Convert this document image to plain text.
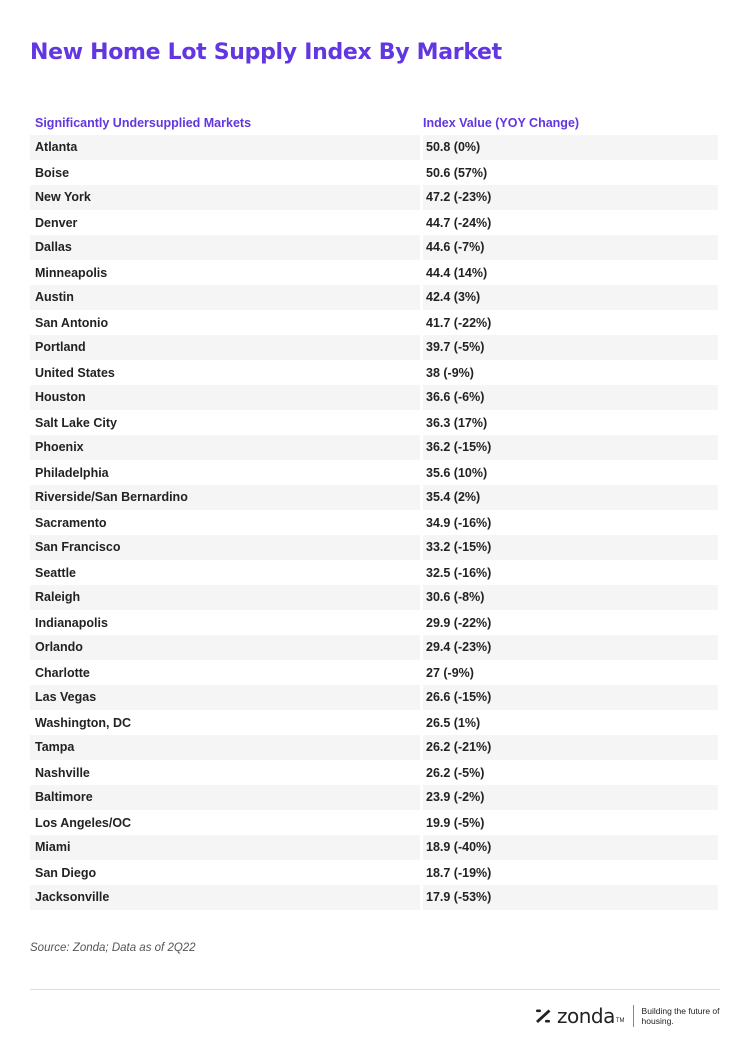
New Home Lot Supply Index By Market
Significantly Undersupplied Markets	Index Value (YOY Change)
Atlanta	50.8 (0%)
Boise	50.6 (57%)
New York	47.2 (-23%)
Denver	44.7 (-24%)
Dallas	44.6 (-7%)
Minneapolis	44.4 (14%)
Austin	42.4 (3%)
San Antonio	41.7 (-22%)
Portland	39.7 (-5%)
United States	38 (-9%)
Houston	36.6 (-6%)
Salt Lake City	36.3 (17%)
Phoenix	36.2 (-15%)
Philadelphia	35.6 (10%)
Riverside/San Bernardino	35.4 (2%)
Sacramento	34.9 (-16%)
San Francisco	33.2 (-15%)
Seattle	32.5 (-16%)
Raleigh	30.6 (-8%)
Indianapolis	29.9 (-22%)
Orlando	29.4 (-23%)
Charlotte	27 (-9%)
Las Vegas	26.6 (-15%)
Washington, DC	26.5 (1%)
Tampa	26.2 (-21%)
Nashville	26.2 (-5%)
Baltimore	23.9 (-2%)
Los Angeles/OC	19.9 (-5%)
Miami	18.9 (-40%)
San Diego	18.7 (-19%)
Jacksonville	17.9 (-53%)
Source: Zonda; Data as of 2Q22
zonda TM
Building the future of housing.
